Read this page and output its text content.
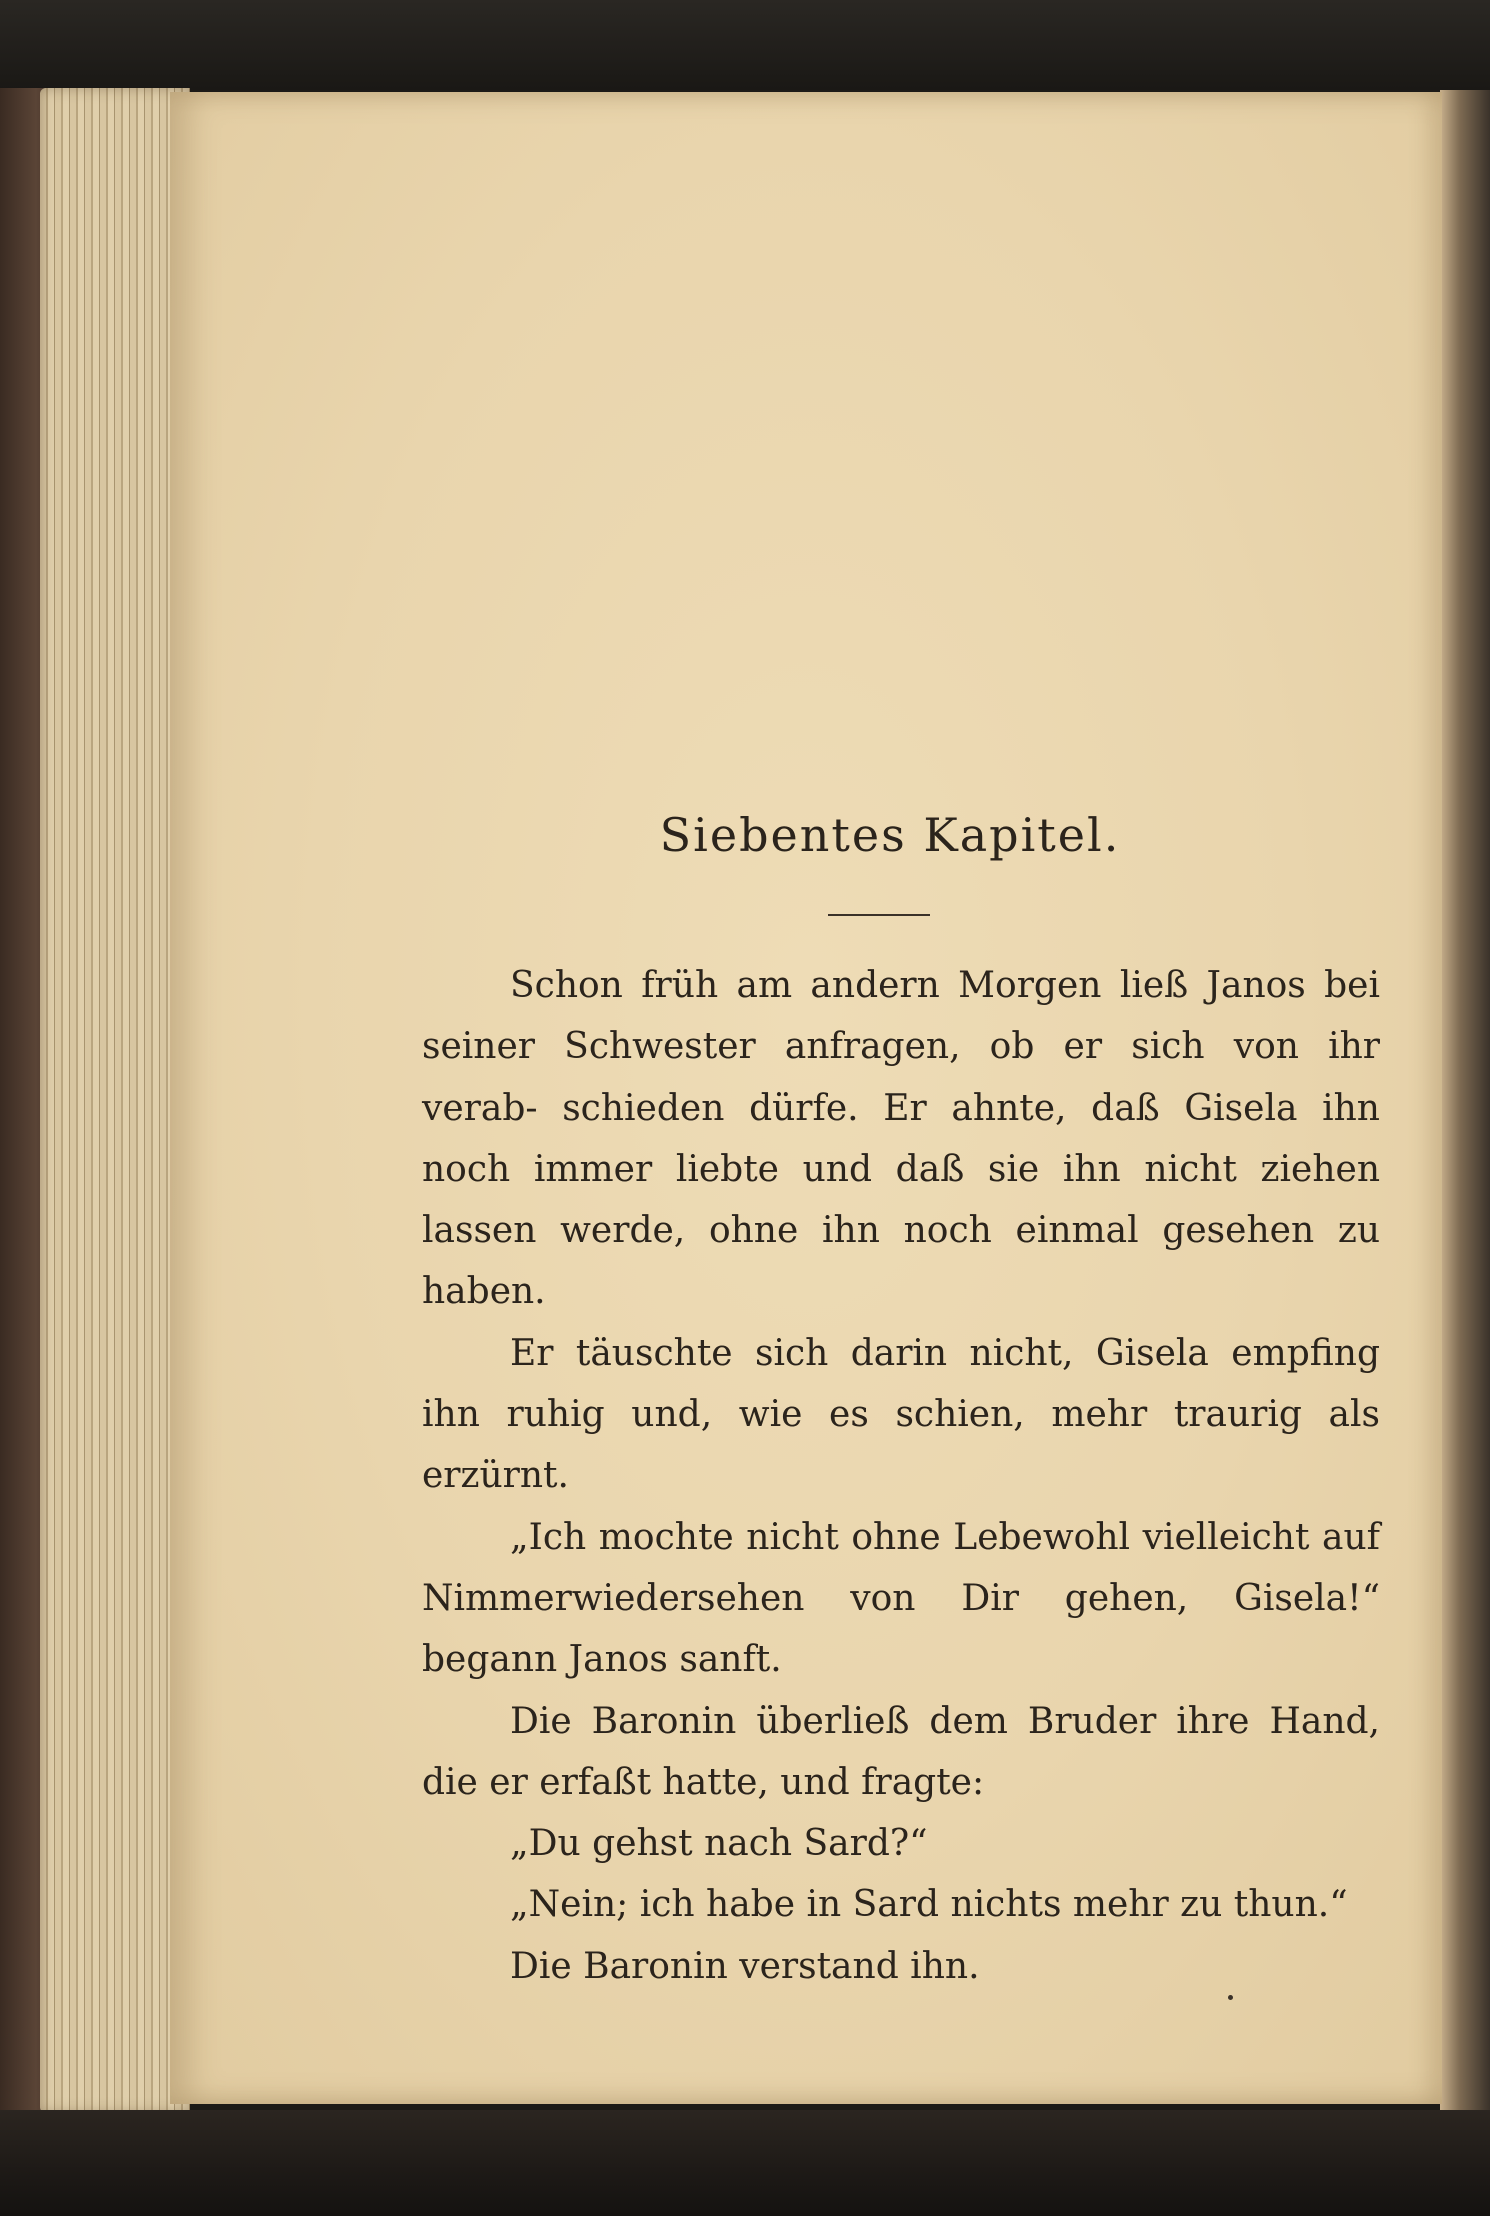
Siebentes Kapitel.

Schon früh am andern Morgen ließ Janos bei seiner Schwester anfragen, ob er sich von ihr verab- schieden dürfe. Er ahnte, daß Gisela ihn noch immer liebte und daß sie ihn nicht ziehen lassen werde, ohne ihn noch einmal gesehen zu haben.

Er täuschte sich darin nicht, Gisela empfing ihn ruhig und, wie es schien, mehr traurig als erzürnt.

„Ich mochte nicht ohne Lebewohl vielleicht auf Nimmerwiedersehen von Dir gehen, Gisela!“ begann Janos sanft.

Die Baronin überließ dem Bruder ihre Hand, die er erfaßt hatte, und fragte:

„Du gehst nach Sard?“

„Nein; ich habe in Sard nichts mehr zu thun.“

Die Baronin verstand ihn.
